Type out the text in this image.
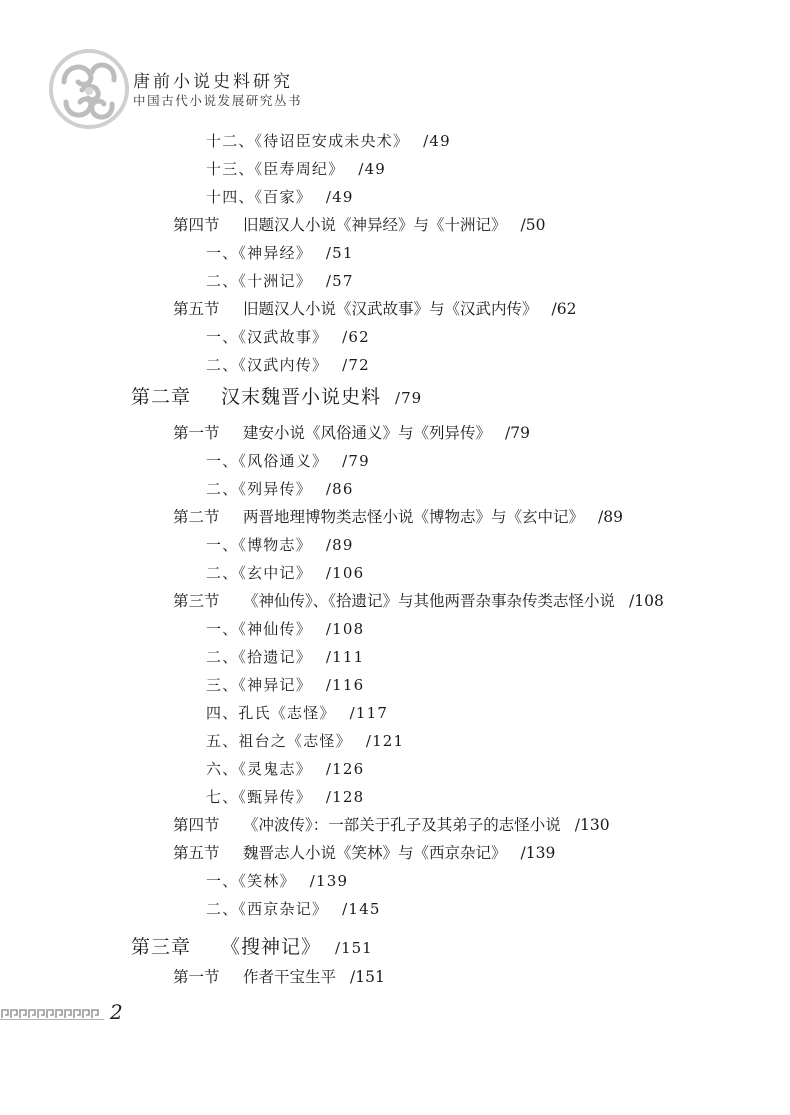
唐前小说史料研究
中国古代小说发展研究丛书
十二、《待诏臣安成未央术》 /49
十三、《臣寿周纪》 /49
十四、《百家》 /49
第四节 旧题汉人小说《神异经》与《十洲记》 /50
一、《神异经》 /51
二、《十洲记》 /57
第五节 旧题汉人小说《汉武故事》与《汉武内传》 /62
一、《汉武故事》 /62
二、《汉武内传》 /72
第二章 汉末魏晋小说史料 /79
第一节 建安小说《风俗通义》与《列异传》 /79
一、《风俗通义》 /79
二、《列异传》 /86
第二节 两晋地理博物类志怪小说《博物志》与《玄中记》 /89
一、《博物志》 /89
二、《玄中记》 /106
第三节 《神仙传》、《拾遗记》与其他两晋杂事杂传类志怪小说 /108
一、《神仙传》 /108
二、《拾遗记》 /111
三、《神异记》 /116
四、孔氏《志怪》 /117
五、祖台之《志怪》 /121
六、《灵鬼志》 /126
七、《甄异传》 /128
第四节 《冲波传》：一部关于孔子及其弟子的志怪小说 /130
第五节 魏晋志人小说《笑林》与《西京杂记》 /139
一、《笑林》 /139
二、《西京杂记》 /145
第三章 《搜神记》 /151
第一节 作者干宝生平 /151
2
